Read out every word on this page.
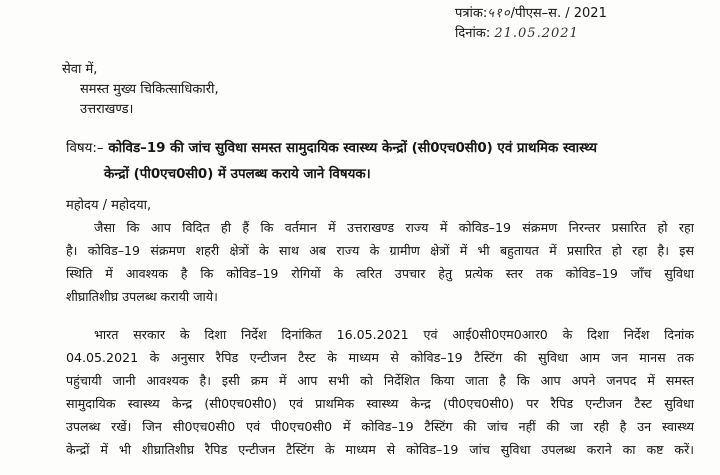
पत्रांक:५१०/पीएस–स. / 2021
दिनांक: 21.05.2021
सेवा में,
समस्त मुख्य चिकित्साधिकारी,
उत्तराखण्ड।
विषय:– कोविड–19 की जांच सुविधा समस्त सामुदायिक स्वास्थ्य केन्द्रों (सी0एच0सी0) एवं प्राथमिक स्वास्थ्य
केन्द्रों (पी0एच0सी0) में उपलब्ध कराये जाने विषयक।
महोदय / महोदया,
जैसा कि आप विदित ही हैं कि वर्तमान में उत्तराखण्ड राज्य में कोविड–19 संक्रमण निरन्तर प्रसारित हो रहा
है। कोविड–19 संक्रमण शहरी क्षेत्रों के साथ अब राज्य के ग्रामीण क्षेत्रों में भी बहुतायत में प्रसारित हो रहा है। इस
स्थिति में आवश्यक है कि कोविड–19 रोगियों के त्वरित उपचार हेतु प्रत्येक स्तर तक कोविड–19 जाँच सुविधा
शीघ्रातिशीघ्र उपलब्ध करायी जाये।
भारत सरकार के दिशा निर्देश दिनांकित 16.05.2021 एवं आई0सी0एम0आर0 के दिशा निर्देश दिनांक
04.05.2021 के अनुसार रैपिड एन्टीजन टैस्ट के माध्यम से कोविड–19 टैस्टिंग की सुविधा आम जन मानस तक
पहुंचायी जानी आवश्यक है। इसी क्रम में आप सभी को निर्देशित किया जाता है कि आप अपने जनपद में समस्त
सामुदायिक स्वास्थ्य केन्द्र (सी0एच0सी0) एवं प्राथमिक स्वास्थ्य केन्द्र (पी0एच0सी0) पर रैपिड एन्टीजन टैस्ट सुविधा
उपलब्ध रखें। जिन सी0एच0सी0 एवं पी0एच0सी0 में कोविड–19 टैस्टिंग की जांच नहीं की जा रही है उन स्वास्थ्य
केन्द्रों में भी शीघ्रातिशीघ्र रैपिड एन्टीजन टैस्टिंग के माध्यम से कोविड–19 जांच सुविधा उपलब्ध कराने का कष्ट करें।
